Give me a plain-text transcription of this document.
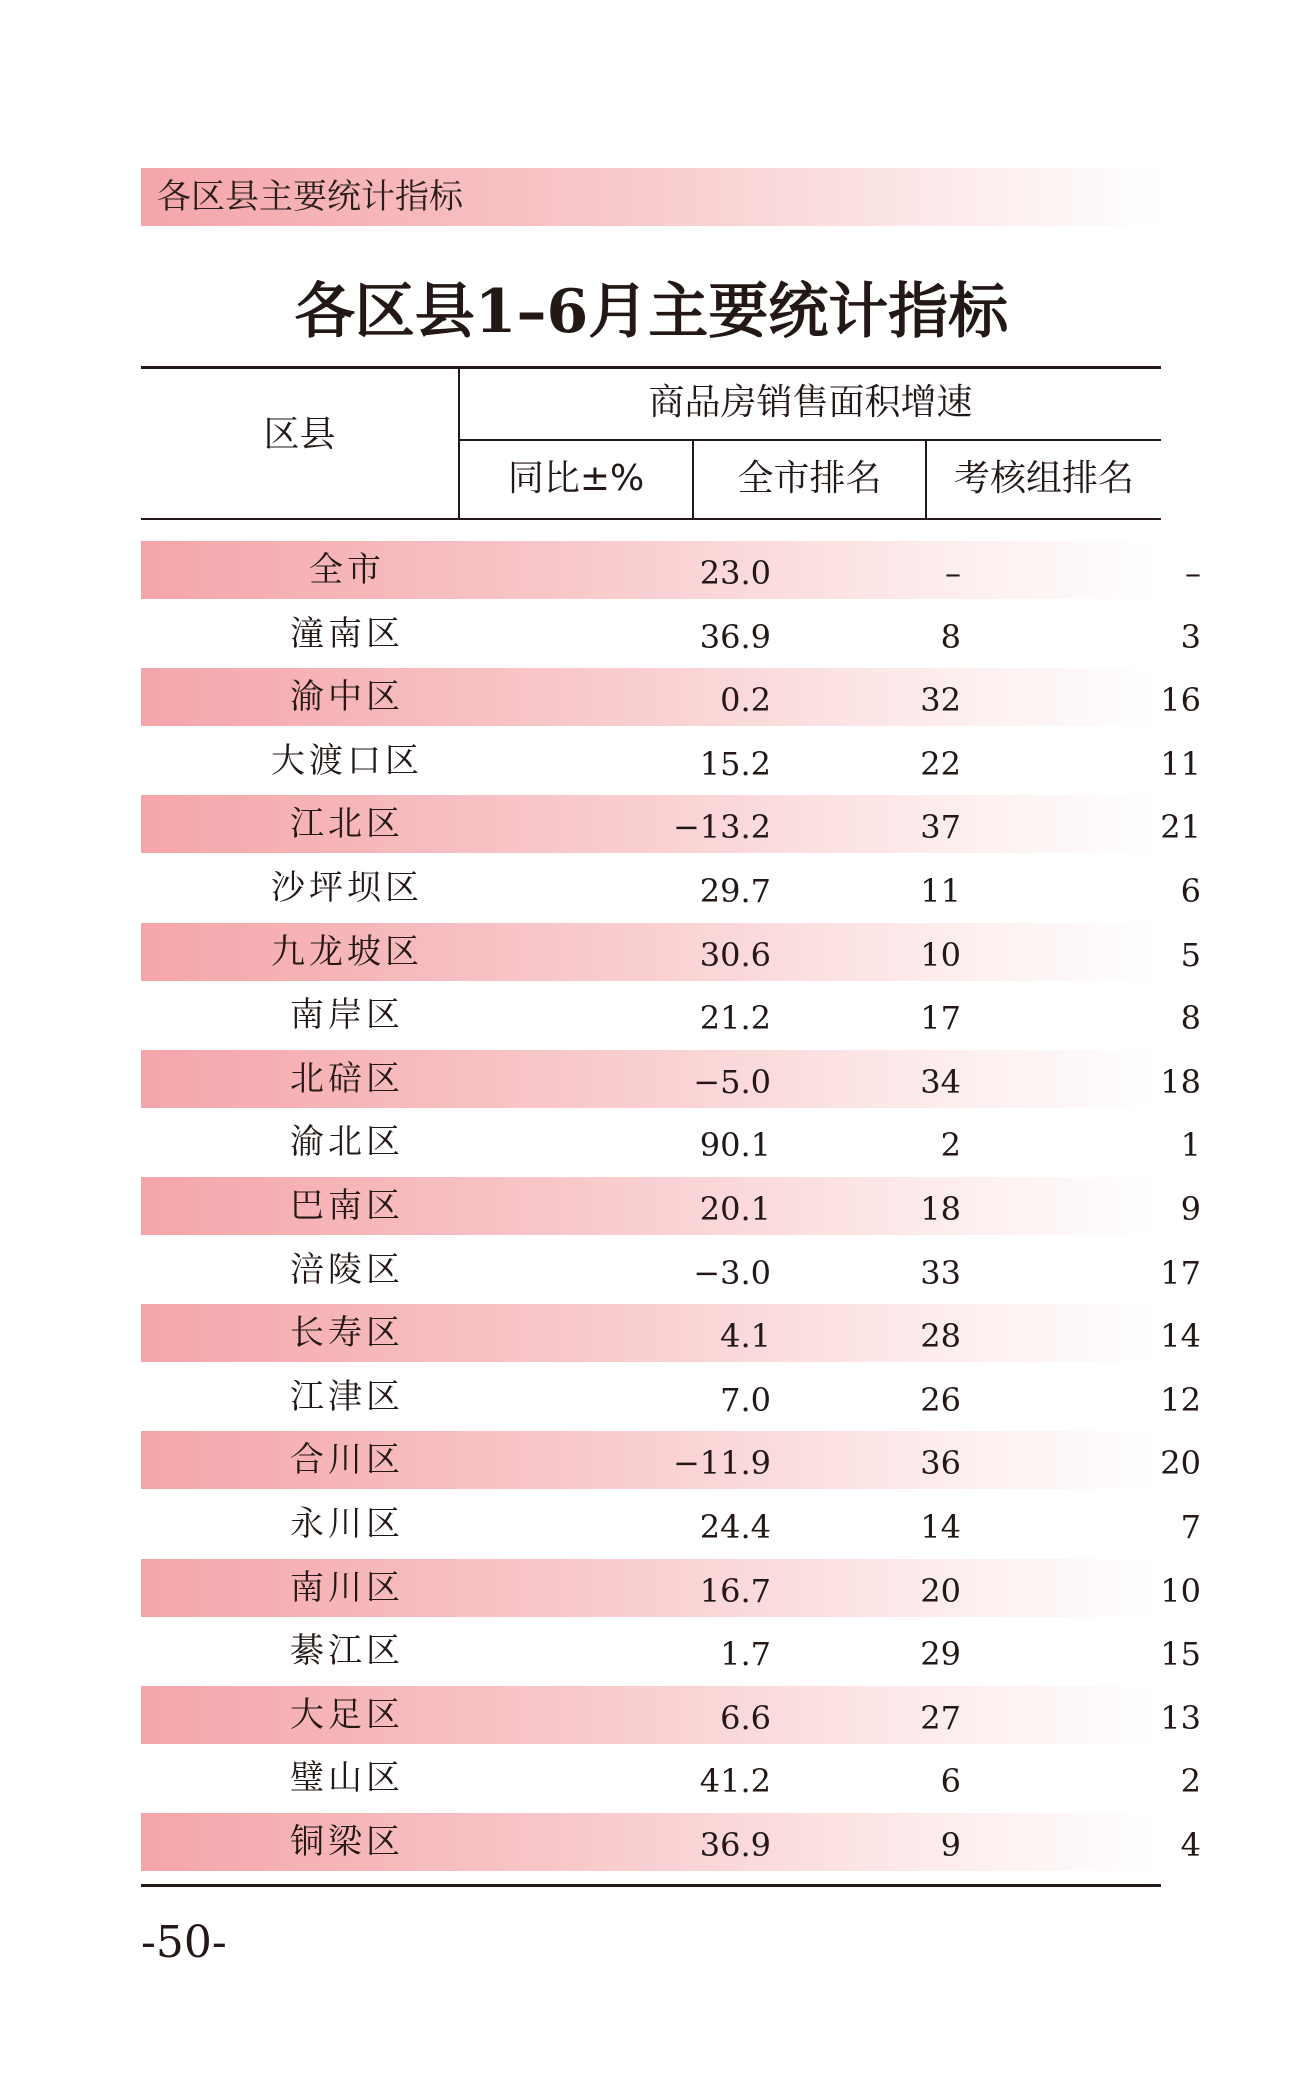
各区县主要统计指标
各区县1–6月主要统计指标
区县
商品房销售面积增速
同比±%	全市排名	考核组排名
全市	23.0	–	–
潼南区	36.9	8	3
渝中区	0.2	32	16
大渡口区	15.2	22	11
江北区	−13.2	37	21
沙坪坝区	29.7	11	6
九龙坡区	30.6	10	5
南岸区	21.2	17	8
北碚区	−5.0	34	18
渝北区	90.1	2	1
巴南区	20.1	18	9
涪陵区	−3.0	33	17
长寿区	4.1	28	14
江津区	7.0	26	12
合川区	−11.9	36	20
永川区	24.4	14	7
南川区	16.7	20	10
綦江区	1.7	29	15
大足区	6.6	27	13
璧山区	41.2	6	2
铜梁区	36.9	9	4
-50-
